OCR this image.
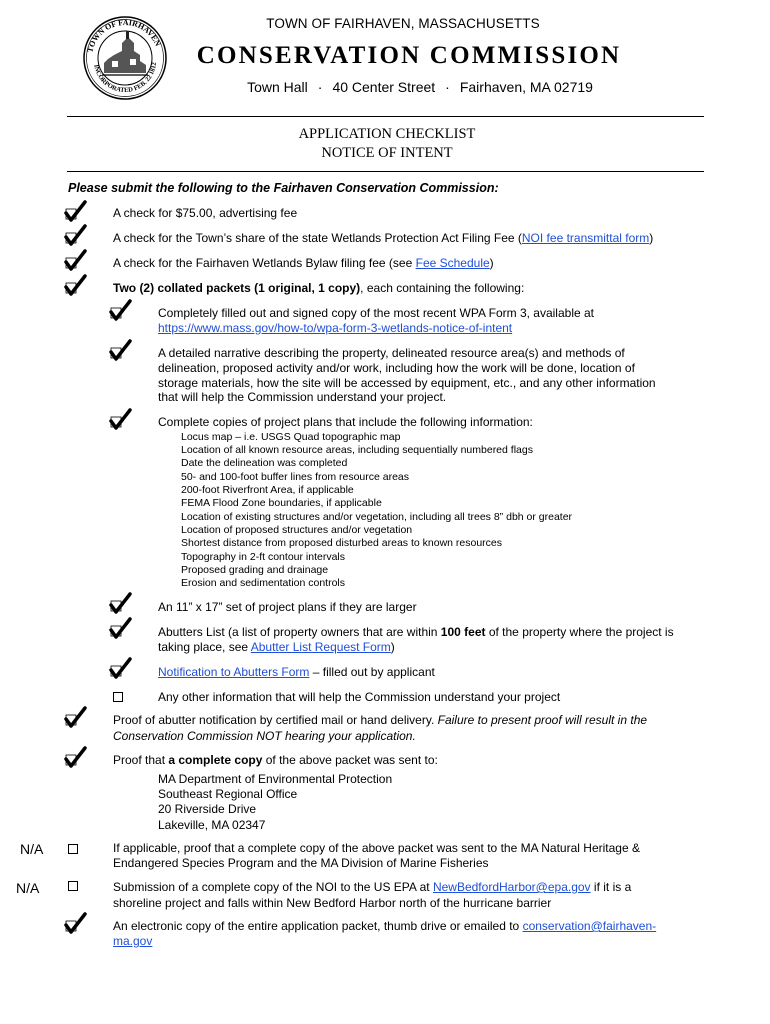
TOWN OF FAIRHAVEN
INCORPORATED FEB. 22 1812
TOWN OF FAIRHAVEN, MASSACHUSETTS
CONSERVATION COMMISSION
Town Hall · 40 Center Street · Fairhaven, MA 02719
APPLICATION CHECKLIST
NOTICE OF INTENT
Please submit the following to the Fairhaven Conservation Commission:
A check for $75.00, advertising fee
A check for the Town’s share of the state Wetlands Protection Act Filing Fee (NOI fee transmittal form)
A check for the Fairhaven Wetlands Bylaw filing fee (see Fee Schedule)
Two (2) collated packets (1 original, 1 copy), each containing the following:
Completely filled out and signed copy of the most recent WPA Form 3, available at
https://www.mass.gov/how-to/wpa-form-3-wetlands-notice-of-intent
A detailed narrative describing the property, delineated resource area(s) and methods of
delineation, proposed activity and/or work, including how the work will be done, location of
storage materials, how the site will be accessed by equipment, etc., and any other information
that will help the Commission understand your project.
Complete copies of project plans that include the following information:
Locus map – i.e. USGS Quad topographic map
Location of all known resource areas, including sequentially numbered flags
Date the delineation was completed
50- and 100-foot buffer lines from resource areas
200-foot Riverfront Area, if applicable
FEMA Flood Zone boundaries, if applicable
Location of existing structures and/or vegetation, including all trees 8” dbh or greater
Location of proposed structures and/or vegetation
Shortest distance from proposed disturbed areas to known resources
Topography in 2-ft contour intervals
Proposed grading and drainage
Erosion and sedimentation controls
An 11” x 17” set of project plans if they are larger
Abutters List (a list of property owners that are within 100 feet of the property where the project is
taking place, see Abutter List Request Form)
Notification to Abutters Form – filled out by applicant
Any other information that will help the Commission understand your project
Proof of abutter notification by certified mail or hand delivery. Failure to present proof will result in the
Conservation Commission NOT hearing your application.
Proof that a complete copy of the above packet was sent to:
MA Department of Environmental Protection
Southeast Regional Office
20 Riverside Drive
Lakeville, MA 02347
N/A	If applicable, proof that a complete copy of the above packet was sent to the MA Natural Heritage &
Endangered Species Program and the MA Division of Marine Fisheries
N/A	Submission of a complete copy of the NOI to the US EPA at NewBedfordHarbor@epa.gov if it is a
shoreline project and falls within New Bedford Harbor north of the hurricane barrier
An electronic copy of the entire application packet, thumb drive or emailed to conservation@fairhaven-
ma.gov
